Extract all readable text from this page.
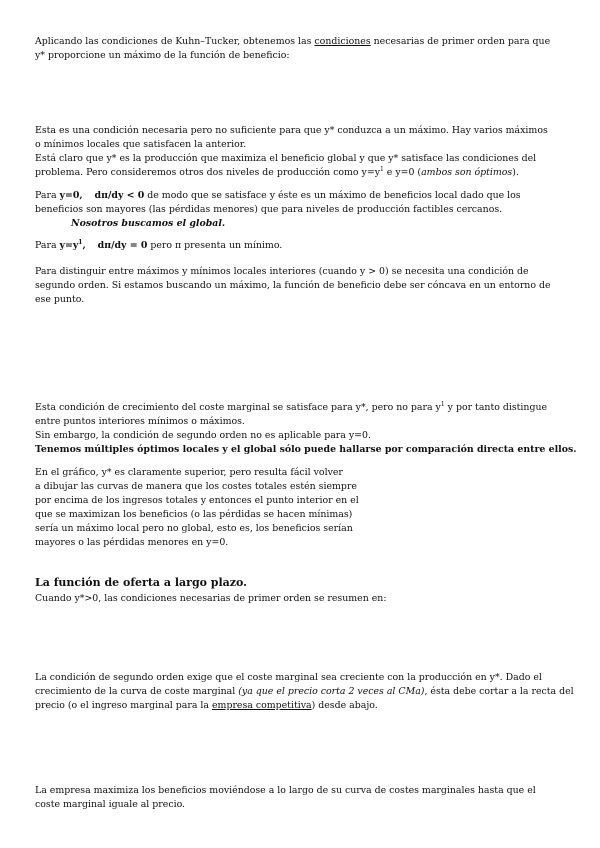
Aplicando las condiciones de Kuhn–Tucker, obtenemos las condiciones necesarias de primer orden para que
y* proporcione un máximo de la función de beneficio:
Esta es una condición necesaria pero no suficiente para que y* conduzca a un máximo. Hay varios máximos
o mínimos locales que satisfacen la anterior.
Está claro que y* es la producción que maximiza el beneficio global y que y* satisface las condiciones del
problema. Pero consideremos otros dos niveles de producción como $y=y^1$ e y=0 (ambos son óptimos).
Para y=0, dπ/dy < 0 de modo que se satisface y éste es un máximo de beneficios local dado que los
beneficios son mayores (las pérdidas menores) que para niveles de producción factibles cercanos.
Nosotros buscamos el global.
Para $y=y^1$, dπ/dy = 0 pero π presenta un mínimo.
Para distinguir entre máximos y mínimos locales interiores (cuando y > 0) se necesita una condición de
segundo orden. Si estamos buscando un máximo, la función de beneficio debe ser cóncava en un entorno de
ese punto.
Esta condición de crecimiento del coste marginal se satisface para y*, pero no para $y^1$ y por tanto distingue
entre puntos interiores mínimos o máximos.
Sin embargo, la condición de segundo orden no es aplicable para y=0.
Tenemos múltiples óptimos locales y el global sólo puede hallarse por comparación directa entre ellos.
En el gráfico, y* es claramente superior, pero resulta fácil volver
a dibujar las curvas de manera que los costes totales estén siempre
por encima de los ingresos totales y entonces el punto interior en el
que se maximizan los beneficios (o las pérdidas se hacen mínimas)
sería un máximo local pero no global, esto es, los beneficios serían
mayores o las pérdidas menores en y=0.
La función de oferta a largo plazo.
Cuando y*>0, las condiciones necesarias de primer orden se resumen en:
La condición de segundo orden exige que el coste marginal sea creciente con la producción en y*. Dado el
crecimiento de la curva de coste marginal (ya que el precio corta 2 veces al CMa), ésta debe cortar a la recta del
precio (o el ingreso marginal para la empresa competitiva) desde abajo.
La empresa maximiza los beneficios moviéndose a lo largo de su curva de costes marginales hasta que el
coste marginal iguale al precio.
